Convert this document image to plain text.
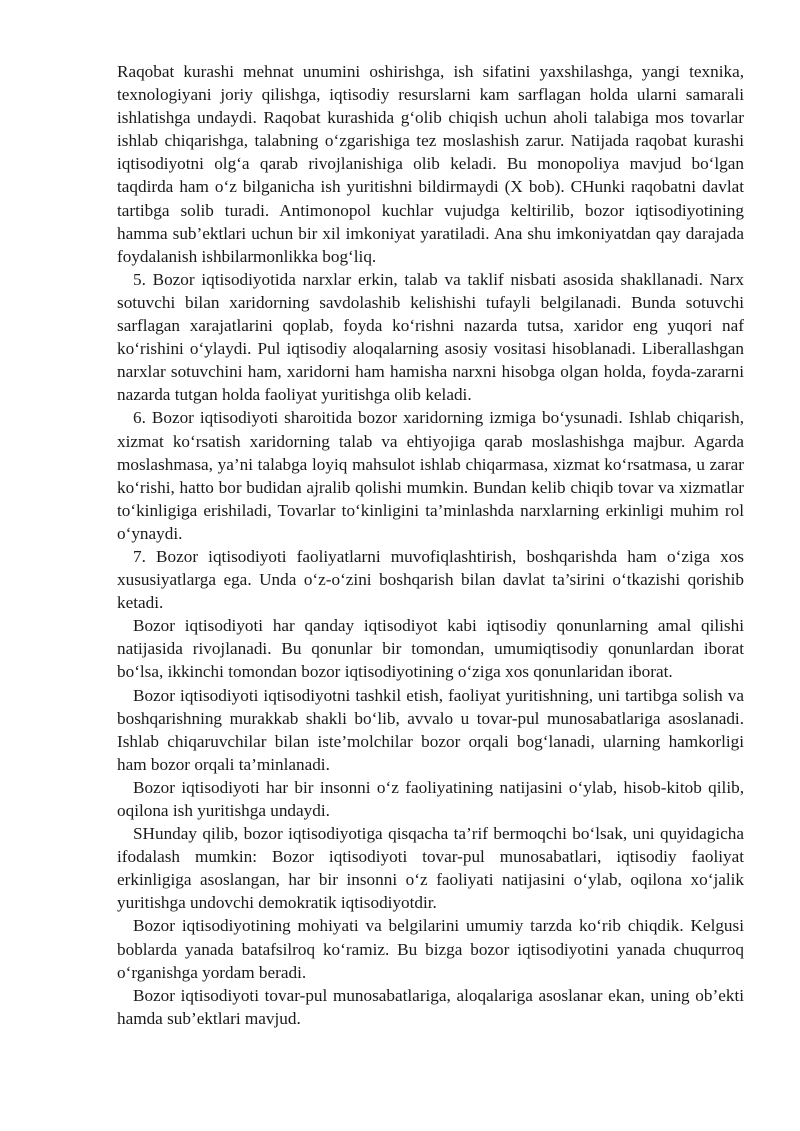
Raqobat kurashi mehnat unumini oshirishga, ish sifatini yaxshilashga, yangi texnika, texnologiyani joriy qilishga, iqtisodiy resurslarni kam sarflagan holda ularni samarali ishlatishga undaydi. Raqobat kurashida g‘olib chiqish uchun aholi talabiga mos tovarlar ishlab chiqarishga, talabning o‘zgarishiga tez moslashish zarur. Natijada raqobat kurashi iqtisodiyotni olg‘a qarab rivojlanishiga olib keladi. Bu monopoliya mavjud bo‘lgan taqdirda ham o‘z bilganicha ish yuritishni bildirmaydi (X bob). CHunki raqobatni davlat tartibga solib turadi. Antimonopol kuchlar vujudga keltirilib, bozor iqtisodiyotining hamma sub’ektlari uchun bir xil imkoniyat yaratiladi. Ana shu imkoniyatdan qay darajada foydalanish ishbilarmonlikka bog‘liq.

5. Bozor iqtisodiyotida narxlar erkin, talab va taklif nisbati asosida shakllanadi. Narx sotuvchi bilan xaridorning savdolashib kelishishi tufayli belgilanadi. Bunda sotuvchi sarflagan xarajatlarini qoplab, foyda ko‘rishni nazarda tutsa, xaridor eng yuqori naf ko‘rishini o‘ylaydi. Pul iqtisodiy aloqalarning asosiy vositasi hisoblanadi. Liberallashgan narxlar sotuvchini ham, xaridorni ham hamisha narxni hisobga olgan holda, foyda-zararni nazarda tutgan holda faoliyat yuritishga olib keladi.

6. Bozor iqtisodiyoti sharoitida bozor xaridorning izmiga bo‘ysunadi. Ishlab chiqarish, xizmat ko‘rsatish xaridorning talab va ehtiyojiga qarab moslashishga majbur. Agarda moslashmasa, ya’ni talabga loyiq mahsulot ishlab chiqarmasa, xizmat ko‘rsatmasa, u zarar ko‘rishi, hatto bor budidan ajralib qolishi mumkin. Bundan kelib chiqib tovar va xizmatlar to‘kinligiga erishiladi, Tovarlar to‘kinligini ta’minlashda narxlarning erkinligi muhim rol o‘ynaydi.

7. Bozor iqtisodiyoti faoliyatlarni muvofiqlashtirish, boshqarishda ham o‘ziga xos xususiyatlarga ega. Unda o‘z-o‘zini boshqarish bilan davlat ta’sirini o‘tkazishi qorishib ketadi.

Bozor iqtisodiyoti har qanday iqtisodiyot kabi iqtisodiy qonunlarning amal qilishi natijasida rivojlanadi. Bu qonunlar bir tomondan, umumiqtisodiy qonunlardan iborat bo‘lsa, ikkinchi tomondan bozor iqtisodiyotining o‘ziga xos qonunlaridan iborat.

Bozor iqtisodiyoti iqtisodiyotni tashkil etish, faoliyat yuritishning, uni tartibga solish va boshqarishning murakkab shakli bo‘lib, avvalo u tovar-pul munosabatlariga asoslanadi. Ishlab chiqaruvchilar bilan iste’molchilar bozor orqali bog‘lanadi, ularning hamkorligi ham bozor orqali ta’minlanadi.

Bozor iqtisodiyoti har bir insonni o‘z faoliyatining natijasini o‘ylab, hisob-kitob qilib, oqilona ish yuritishga undaydi.

SHunday qilib, bozor iqtisodiyotiga qisqacha ta’rif bermoqchi bo‘lsak, uni quyidagicha ifodalash mumkin: Bozor iqtisodiyoti tovar-pul munosabatlari, iqtisodiy faoliyat erkinligiga asoslangan, har bir insonni o‘z faoliyati natijasini o‘ylab, oqilona xo‘jalik yuritishga undovchi demokratik iqtisodiyotdir.

Bozor iqtisodiyotining mohiyati va belgilarini umumiy tarzda ko‘rib chiqdik. Kelgusi boblarda yanada batafsilroq ko‘ramiz. Bu bizga bozor iqtisodiyotini yanada chuqurroq o‘rganishga yordam beradi.

Bozor iqtisodiyoti tovar-pul munosabatlariga, aloqalariga asoslanar ekan, uning ob’ekti hamda sub’ektlari mavjud.
